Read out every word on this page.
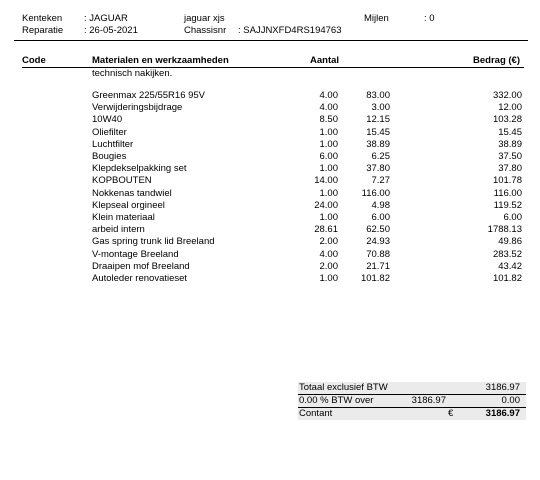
Kenteken : JAGUAR	jaguar xjs	Mijlen	: 0
Reparatie : 26-05-2021	Chassisnr : SAJJNXFD4RS194763
Code	Materialen en werkzaamheden	Aantal	Bedrag (€)
technisch nakijken.
Greenmax 225/55R16 95V	4.00	83.00	332.00
Verwijderingsbijdrage	4.00	3.00	12.00
10W40	8.50	12.15	103.28
Oliefilter	1.00	15.45	15.45
Luchtfilter	1.00	38.89	38.89
Bougies	6.00	6.25	37.50
Klepdekselpakking set	1.00	37.80	37.80
KOPBOUTEN	14.00	7.27	101.78
Nokkenas tandwiel	1.00	116.00	116.00
Klepseal orgineel	24.00	4.98	119.52
Klein materiaal	1.00	6.00	6.00
arbeid intern	28.61	62.50	1788.13
Gas spring trunk lid Breeland	2.00	24.93	49.86
V-montage Breeland	4.00	70.88	283.52
Draaipen mof Breeland	2.00	21.71	43.42
Autoleder renovatieset	1.00	101.82	101.82
Totaal exclusief BTW	3186.97
0.00 % BTW over	3186.97	0.00
Contant	€	3186.97
